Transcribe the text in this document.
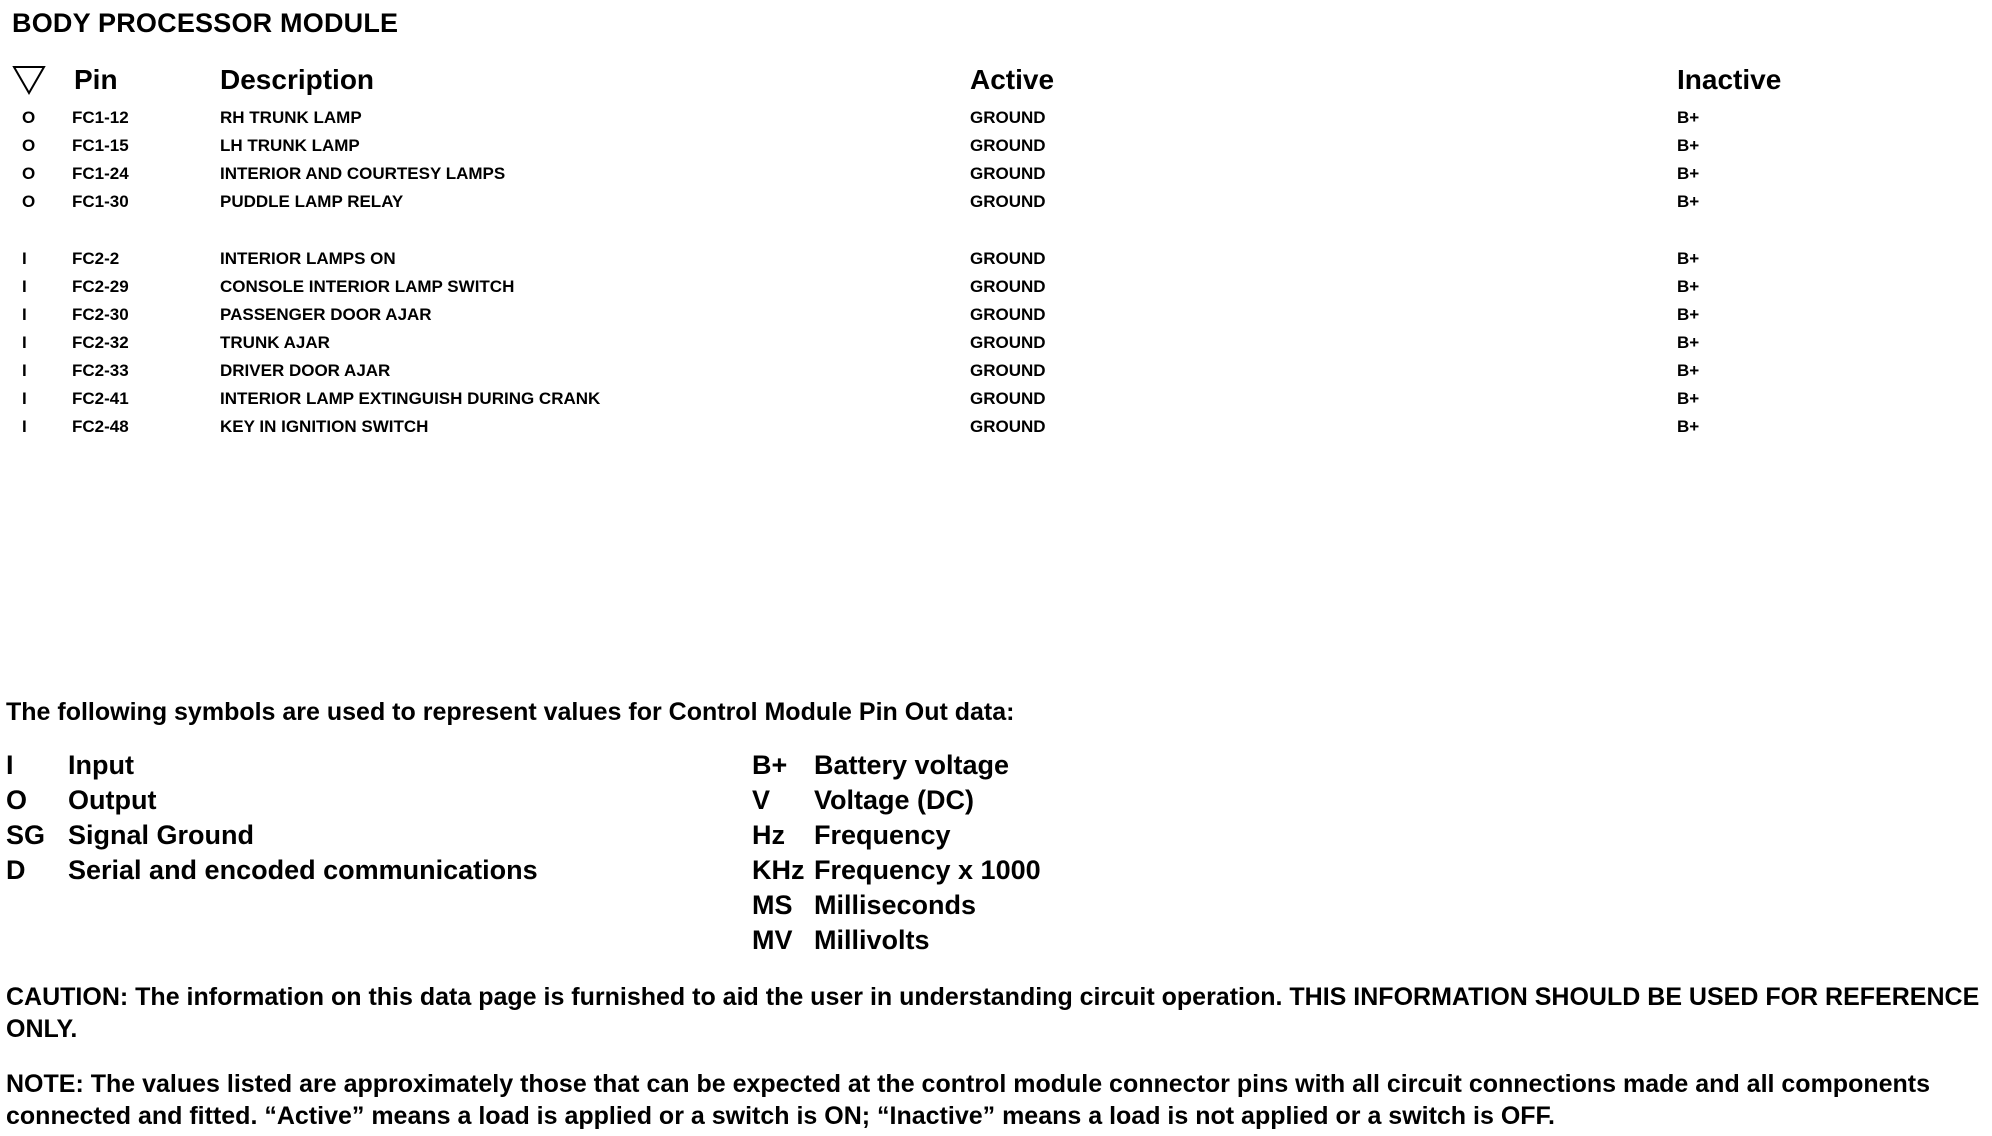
BODY PROCESSOR MODULE
Pin	Description	Active	Inactive
O FC1-12	RH TRUNK LAMP	GROUND	B+
O FC1-15	LH TRUNK LAMP	GROUND	B+
O FC1-24	INTERIOR AND COURTESY LAMPS	GROUND	B+
O FC1-30	PUDDLE LAMP RELAY	GROUND	B+
I	FC2-2	INTERIOR LAMPS ON	GROUND	B+
I	FC2-29	CONSOLE INTERIOR LAMP SWITCH	GROUND	B+
I	FC2-30	PASSENGER DOOR AJAR	GROUND	B+
I	FC2-32	TRUNK AJAR	GROUND	B+
I	FC2-33	DRIVER DOOR AJAR	GROUND	B+
I	FC2-41	INTERIOR LAMP EXTINGUISH DURING CRANK	GROUND	B+
I	FC2-48	KEY IN IGNITION SWITCH	GROUND	B+
The following symbols are used to represent values for Control Module Pin Out data:
I Input
O Output
SG Signal Ground
D Serial and encoded communications
B+ Battery voltage
V Voltage (DC)
Hz Frequency
KHz Frequency x 1000
MS Milliseconds
MV Millivolts
CAUTION: The information on this data page is furnished to aid the user in understanding circuit operation. THIS INFORMATION SHOULD BE USED FOR REFERENCE ONLY.
NOTE: The values listed are approximately those that can be expected at the control module connector pins with all circuit connections made and all components connected and fitted. “Active” means a load is applied or a switch is ON; “Inactive” means a load is not applied or a switch is OFF.
